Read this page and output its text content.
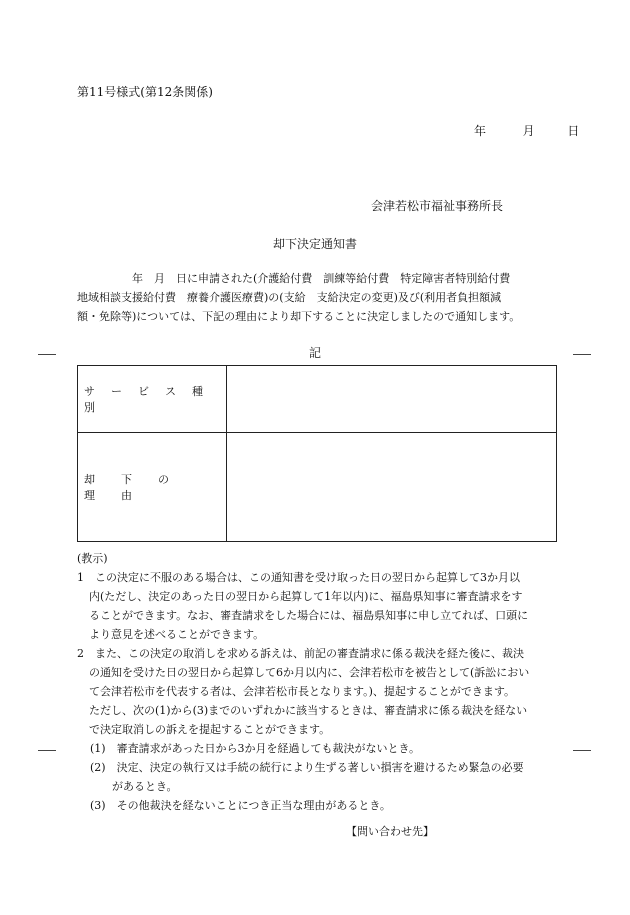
第11号様式(第12条関係)
年	月	日
会津若松市福祉事務所長
却下決定通知書
　　　　　年　月　日に申請された(介護給付費　訓練等給付費　特定障害者特別給付費
地域相談支援給付費　療養介護医療費)の(支給　支給決定の変更)及び(利用者負担額減
額・免除等)については、下記の理由により却下することに決定しましたので通知します。
記
サービス種別	
却下の理由	
(教示)
1　この決定に不服のある場合は、この通知書を受け取った日の翌日から起算して3か月以
内(ただし、決定のあった日の翌日から起算して1年以内)に、福島県知事に審査請求をす
ることができます。なお、審査請求をした場合には、福島県知事に申し立てれば、口頭に
より意見を述べることができます。
2　また、この決定の取消しを求める訴えは、前記の審査請求に係る裁決を経た後に、裁決
の通知を受けた日の翌日から起算して6か月以内に、会津若松市を被告として(訴訟におい
て会津若松市を代表する者は、会津若松市長となります。)、提起することができます。
ただし、次の(1)から(3)までのいずれかに該当するときは、審査請求に係る裁決を経ない
で決定取消しの訴えを提起することができます。
(1)　審査請求があった日から3か月を経過しても裁決がないとき。
(2)　決定、決定の執行又は手続の続行により生ずる著しい損害を避けるため緊急の必要
　　があるとき。
(3)　その他裁決を経ないことにつき正当な理由があるとき。
【問い合わせ先】
